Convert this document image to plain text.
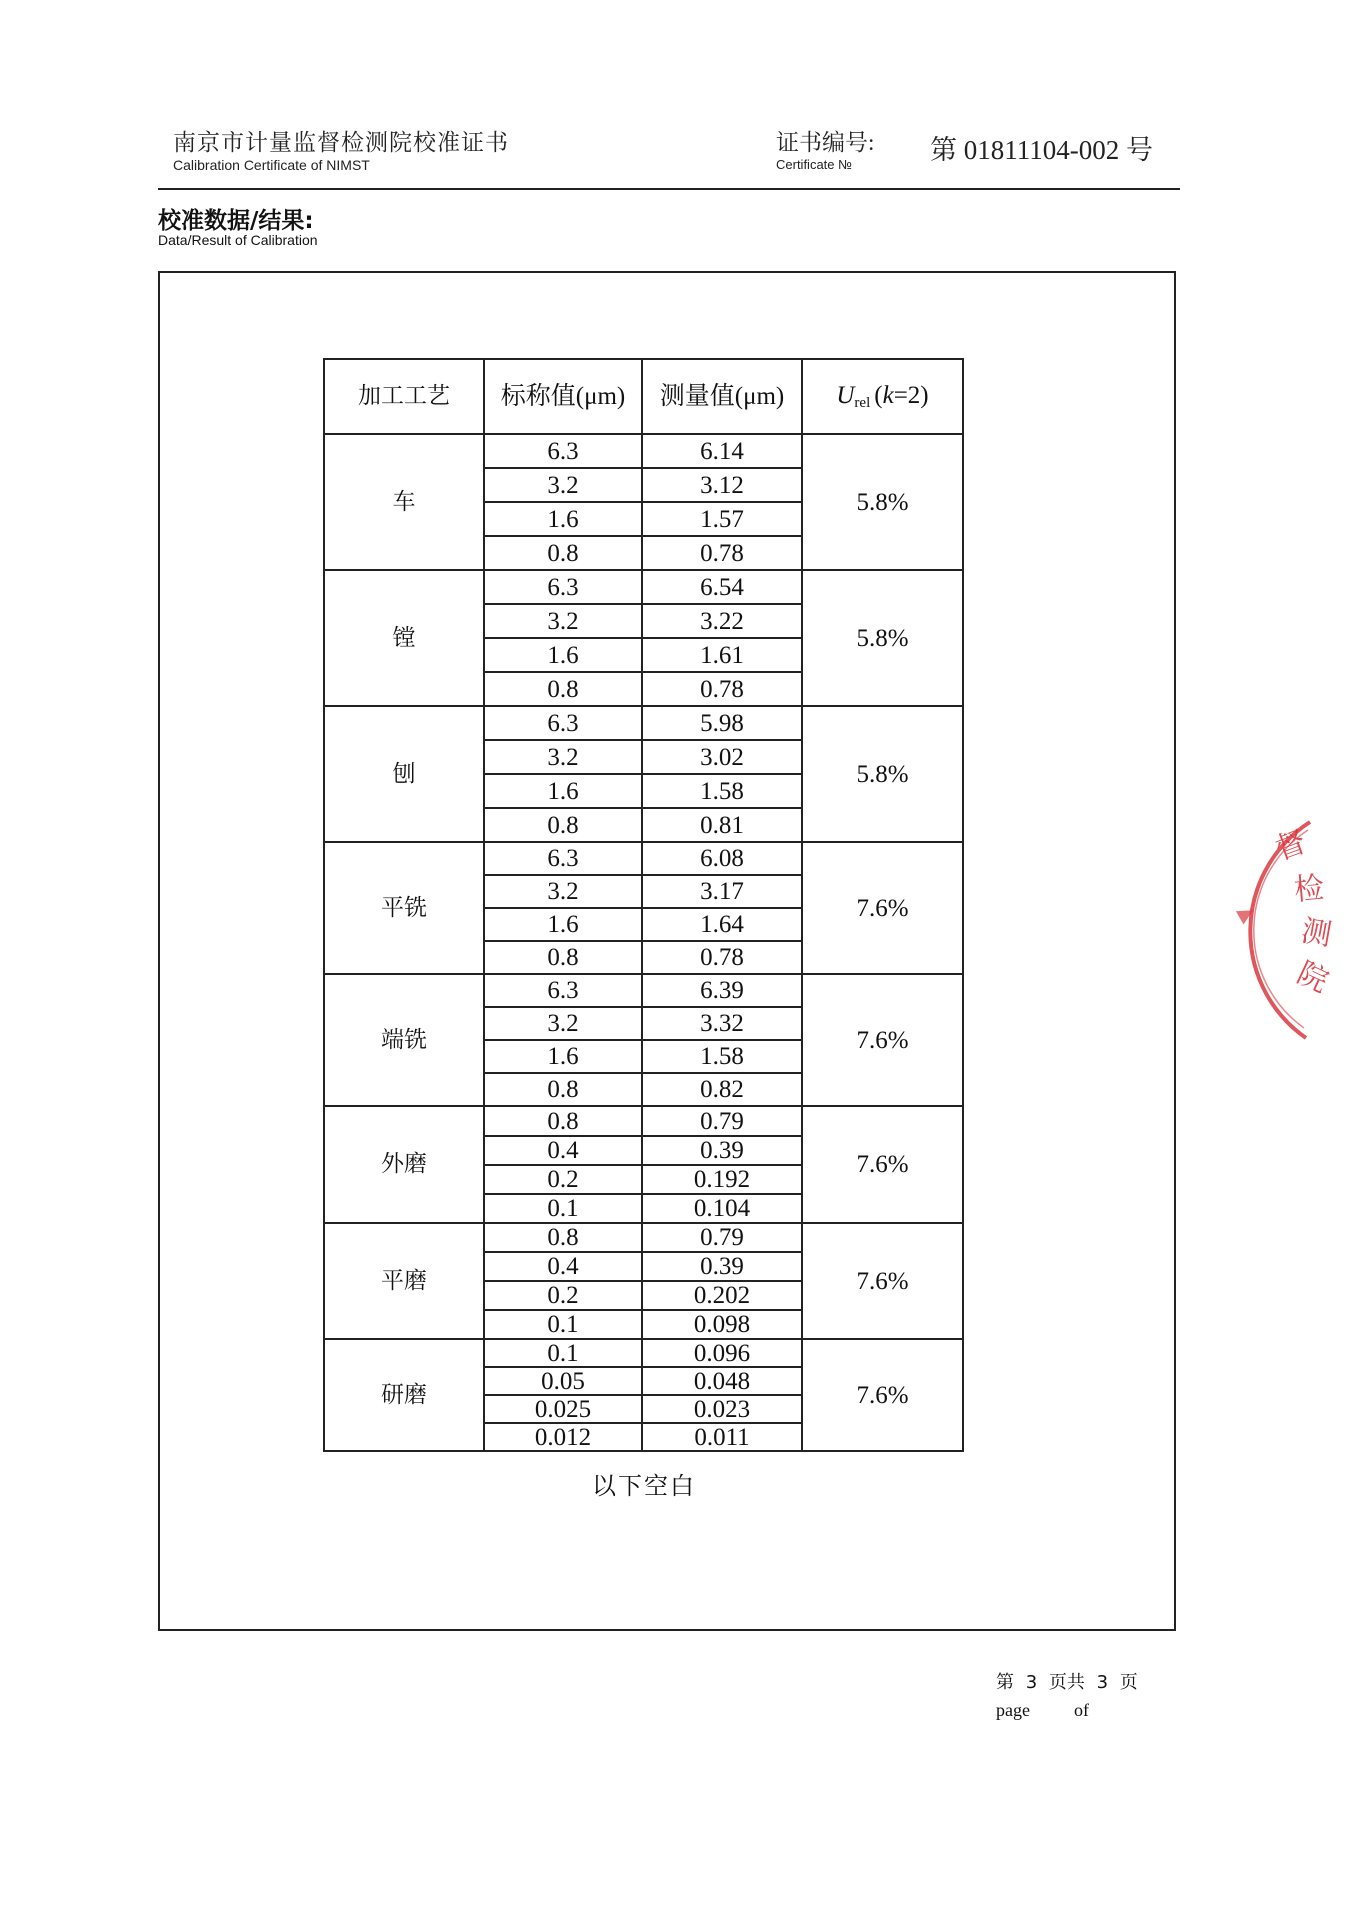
南京市计量监督检测院校准证书
Calibration Certificate of NIMST
证书编号:
Certificate №	第 01811104-002 号
校准数据/结果:
Data/Result of Calibration
加工工艺	标称值(μm)	测量值(μm)	Urel (k=2)
车	6.3	6.14	5.8%
	3.2	3.12	
	1.6	1.57	
	0.8	0.78	
镗	6.3	6.54	5.8%
	3.2	3.22	
	1.6	1.61	
	0.8	0.78	
刨	6.3	5.98	5.8%
	3.2	3.02	
	1.6	1.58	
	0.8	0.81	
平铣	6.3	6.08	7.6%
	3.2	3.17	
	1.6	1.64	
	0.8	0.78	
端铣	6.3	6.39	7.6%
	3.2	3.32	
	1.6	1.58	
	0.8	0.82	
外磨	0.8	0.79	7.6%
	0.4	0.39	
	0.2	0.192	
	0.1	0.104	
平磨	0.8	0.79	7.6%
	0.4	0.39	
	0.2	0.202	
	0.1	0.098	
研磨	0.1	0.096	7.6%
	0.05	0.048	
	0.025	0.023	
	0.012	0.011	
以下空白
第 3 页共 3 页
page of
督
检
测
院
▲
